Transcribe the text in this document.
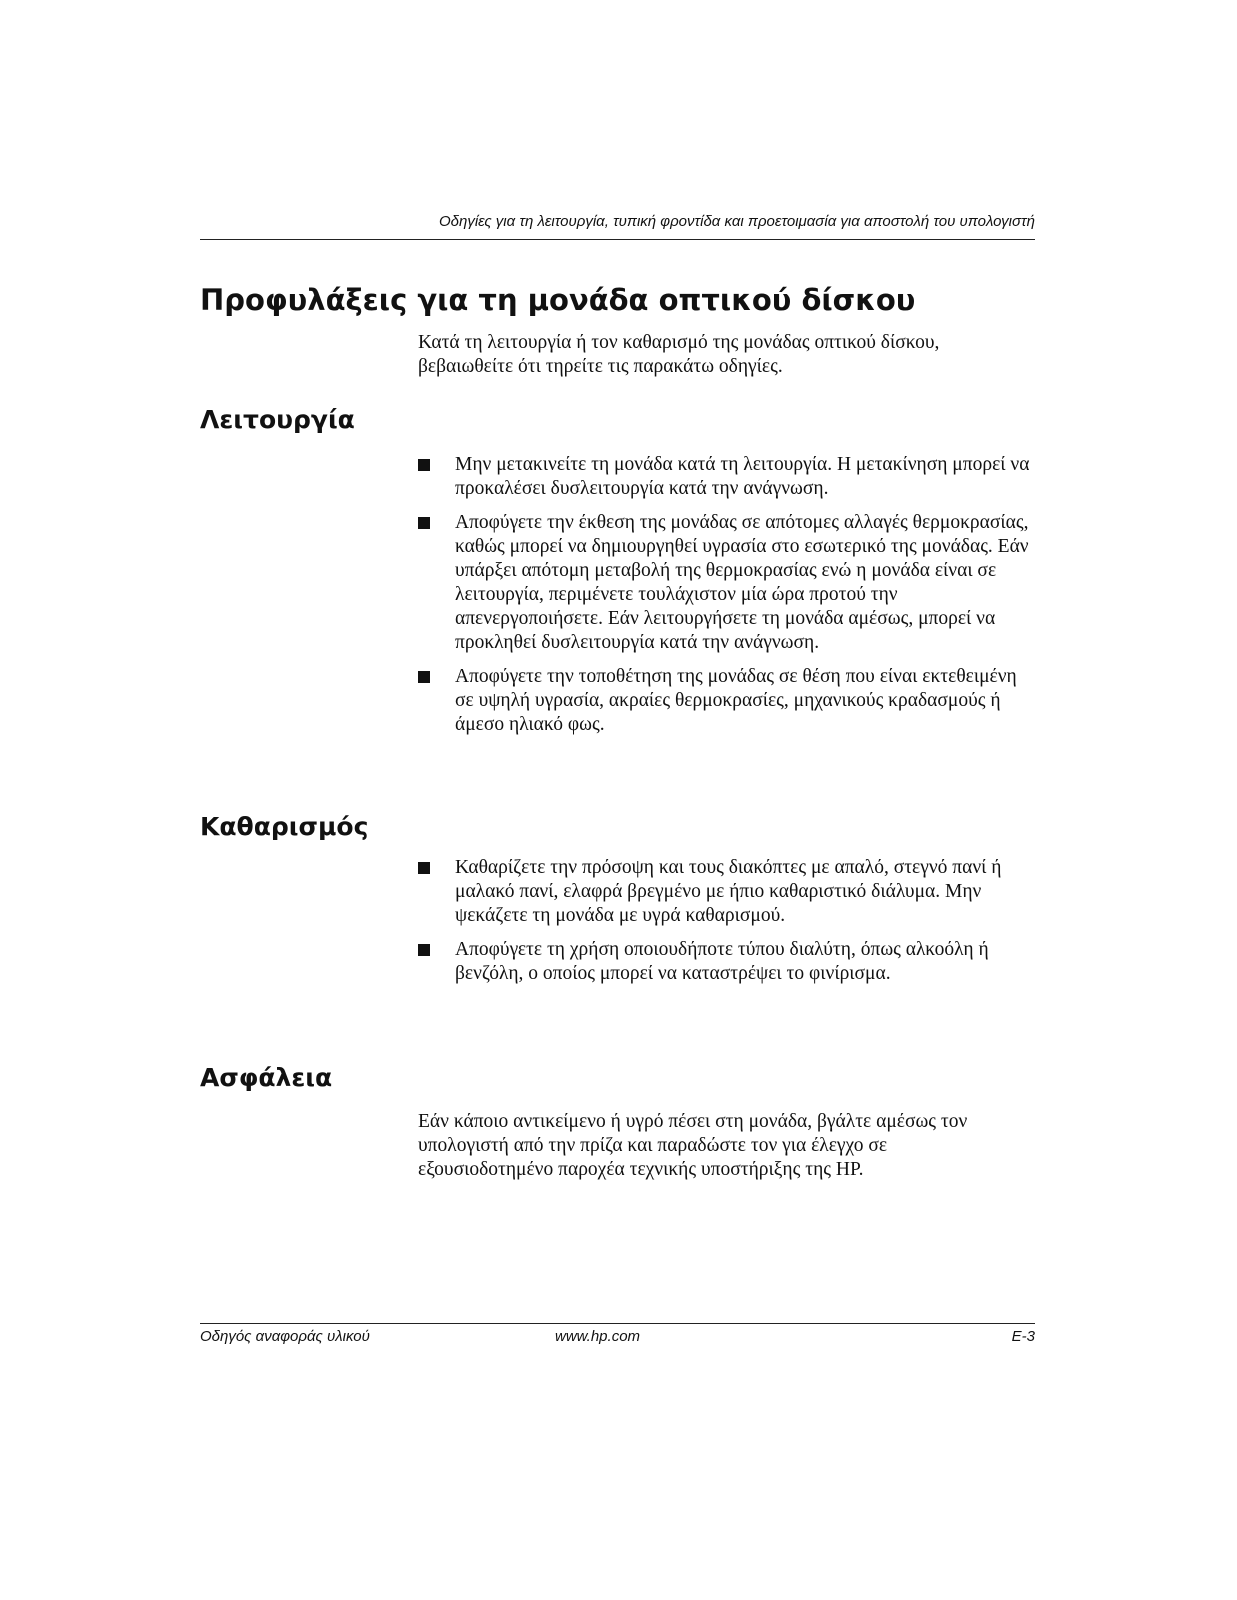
Οδηγίες για τη λειτουργία, τυπική φροντίδα και προετοιμασία για αποστολή του υπολογιστή
Προφυλάξεις για τη μονάδα οπτικού δίσκου

Κατά τη λειτουργία ή τον καθαρισμό της μονάδας οπτικού δίσκου, βεβαιωθείτε ότι τηρείτε τις παρακάτω οδηγίες.

Λειτουργία
Μην μετακινείτε τη μονάδα κατά τη λειτουργία. Η μετακίνηση μπορεί να προκαλέσει δυσλειτουργία κατά την ανάγνωση.
Αποφύγετε την έκθεση της μονάδας σε απότομες αλλαγές θερμοκρασίας, καθώς μπορεί να δημιουργηθεί υγρασία στο εσωτερικό της μονάδας. Εάν υπάρξει απότομη μεταβολή της θερμοκρασίας ενώ η μονάδα είναι σε λειτουργία, περιμένετε τουλάχιστον μία ώρα προτού την απενεργοποιήσετε. Εάν λειτουργήσετε τη μονάδα αμέσως, μπορεί να προκληθεί δυσλειτουργία κατά την ανάγνωση.
Αποφύγετε την τοποθέτηση της μονάδας σε θέση που είναι εκτεθειμένη σε υψηλή υγρασία, ακραίες θερμοκρασίες, μηχανικούς κραδασμούς ή άμεσο ηλιακό φως.
Καθαρισμός
Καθαρίζετε την πρόσοψη και τους διακόπτες με απαλό, στεγνό πανί ή μαλακό πανί, ελαφρά βρεγμένο με ήπιο καθαριστικό διάλυμα. Μην ψεκάζετε τη μονάδα με υγρά καθαρισμού.
Αποφύγετε τη χρήση οποιουδήποτε τύπου διαλύτη, όπως αλκοόλη ή βενζόλη, ο οποίος μπορεί να καταστρέψει το φινίρισμα.
Ασφάλεια

Εάν κάποιο αντικείμενο ή υγρό πέσει στη μονάδα, βγάλτε αμέσως τον υπολογιστή από την πρίζα και παραδώστε τον για έλεγχο σε εξουσιοδοτημένο παροχέα τεχνικής υποστήριξης της HP.

Οδηγός αναφοράς υλικού	www.hp.com	E-3
